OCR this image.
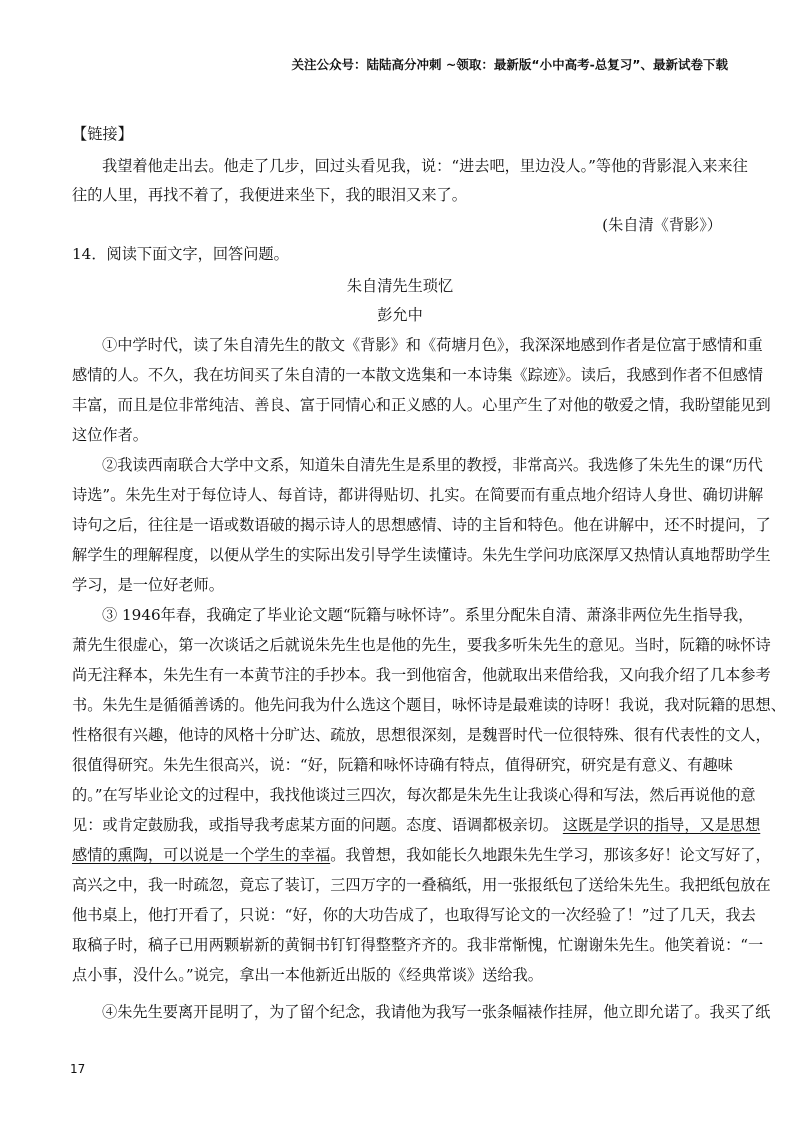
关注公众号：陆陆高分冲刺 ~领取：最新版“小中高考-总复习”、最新试卷下载
【链接】
我望着他走出去。他走了几步，回过头看见我，说：“进去吧，里边没人。”等他的背影混入来来往
往的人里，再找不着了，我便进来坐下，我的眼泪又来了。
(朱自清《背影》）
14．阅读下面文字，回答问题。
朱自清先生琐忆
彭允中
①中学时代，读了朱自清先生的散文《背影》和《荷塘月色》，我深深地感到作者是位富于感情和重
感情的人。不久，我在坊间买了朱自清的一本散文选集和一本诗集《踪迹》。读后，我感到作者不但感情
丰富，而且是位非常纯洁、善良、富于同情心和正义感的人。心里产生了对他的敬爱之情，我盼望能见到
这位作者。
②我读西南联合大学中文系，知道朱自清先生是系里的教授，非常高兴。我选修了朱先生的课“历代
诗选”。朱先生对于每位诗人、每首诗，都讲得贴切、扎实。在简要而有重点地介绍诗人身世、确切讲解
诗句之后，往往是一语或数语破的揭示诗人的思想感情、诗的主旨和特色。他在讲解中，还不时提问，了
解学生的理解程度，以便从学生的实际出发引导学生读懂诗。朱先生学问功底深厚又热情认真地帮助学生
学习，是一位好老师。
③ 1946年春，我确定了毕业论文题“阮籍与咏怀诗”。系里分配朱自清、萧涤非两位先生指导我，
萧先生很虚心，第一次谈话之后就说朱先生也是他的先生，要我多听朱先生的意见。当时，阮籍的咏怀诗
尚无注释本，朱先生有一本黄节注的手抄本。我一到他宿舍，他就取出来借给我，又向我介绍了几本参考
书。朱先生是循循善诱的。他先问我为什么选这个题目，咏怀诗是最难读的诗呀！我说，我对阮籍的思想、
性格很有兴趣，他诗的风格十分旷达、疏放，思想很深刻，是魏晋时代一位很特殊、很有代表性的文人，
很值得研究。朱先生很高兴，说：“好，阮籍和咏怀诗确有特点，值得研究，研究是有意义、有趣味
的。”在写毕业论文的过程中，我找他谈过三四次，每次都是朱先生让我谈心得和写法，然后再说他的意
见：或肯定鼓励我，或指导我考虑某方面的问题。态度、语调都极亲切。 这既是学识的指导，又是思想
感情的熏陶，可以说是一个学生的幸福。我曾想，我如能长久地跟朱先生学习，那该多好！论文写好了，
高兴之中，我一时疏忽，竟忘了装订，三四万字的一叠稿纸，用一张报纸包了送给朱先生。我把纸包放在
他书桌上，他打开看了，只说：“好，你的大功告成了，也取得写论文的一次经验了！”过了几天，我去
取稿子时，稿子已用两颗崭新的黄铜书钉钉得整整齐齐的。我非常惭愧，忙谢谢朱先生。他笑着说：“一
点小事，没什么。”说完，拿出一本他新近出版的《经典常谈》送给我。
④朱先生要离开昆明了，为了留个纪念，我请他为我写一张条幅裱作挂屏，他立即允诺了。我买了纸
17
